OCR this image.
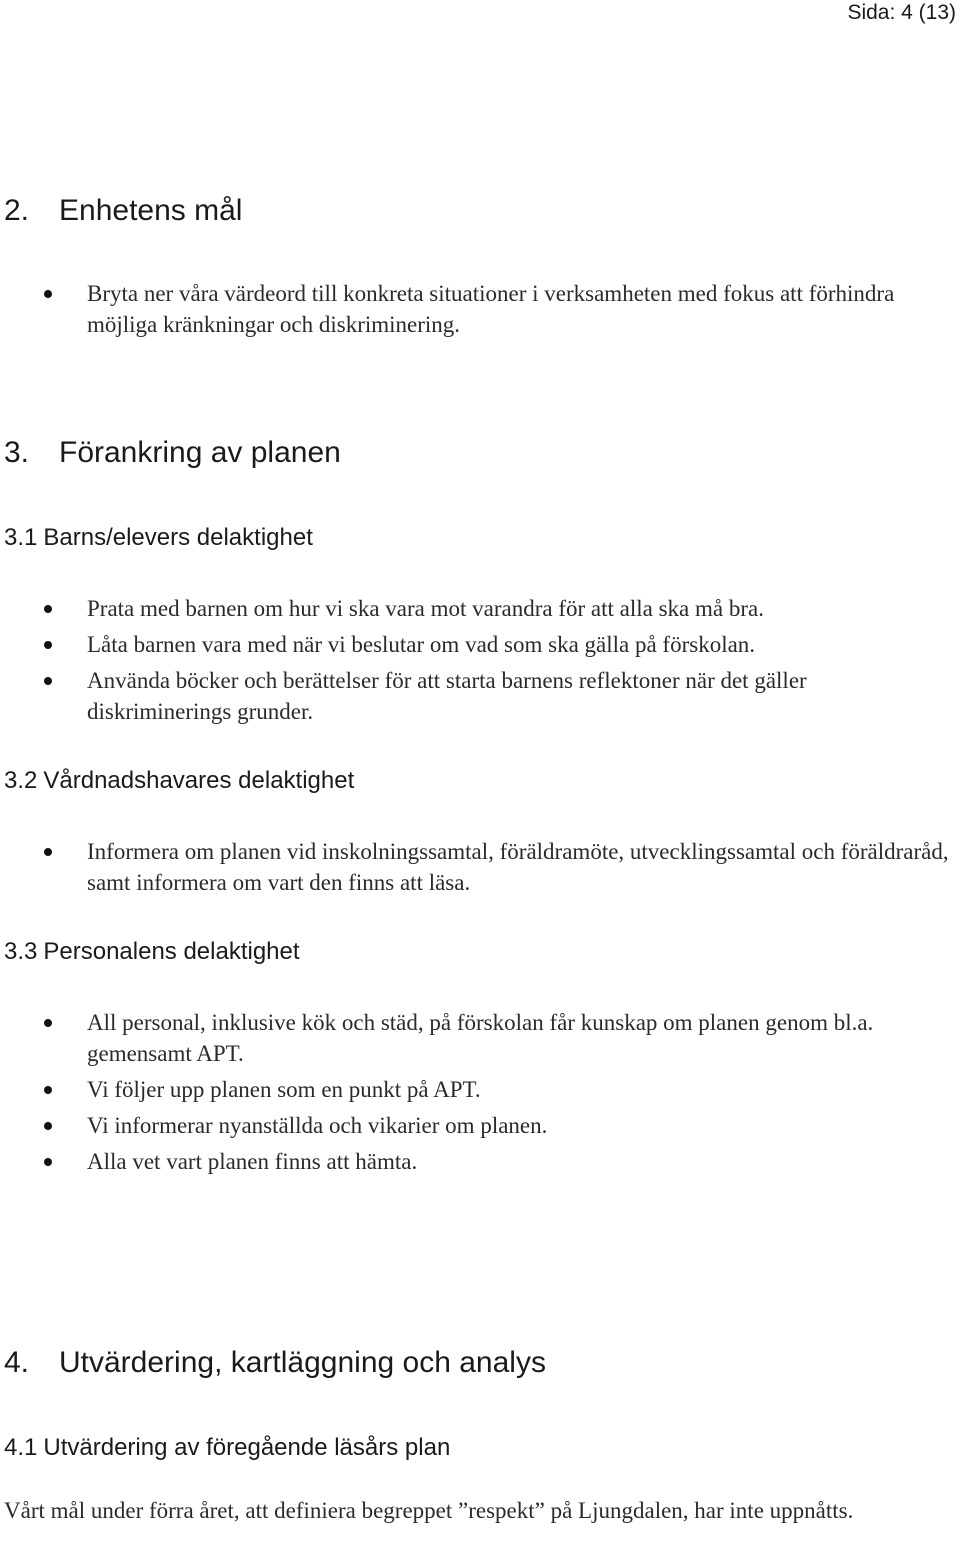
Sida: 4 (13)
2. Enhetens mål
Bryta ner våra värdeord till konkreta situationer i verksamheten med fokus att förhindra möjliga kränkningar och diskriminering.
3. Förankring av planen
3.1 Barns/elevers delaktighet
Prata med barnen om hur vi ska vara mot varandra för att alla ska må bra.
Låta barnen vara med när vi beslutar om vad som ska gälla på förskolan.
Använda böcker och berättelser för att starta barnens reflektoner när det gäller diskriminerings grunder.
3.2 Vårdnadshavares delaktighet
Informera om planen vid inskolningssamtal, föräldramöte, utvecklingssamtal och föräldraråd, samt informera om vart den finns att läsa.
3.3 Personalens delaktighet
All personal, inklusive kök och städ, på förskolan får kunskap om planen genom bl.a. gemensamt APT.
Vi följer upp planen som en punkt på APT.
Vi informerar nyanställda och vikarier om planen.
Alla vet vart planen finns att hämta.
4. Utvärdering, kartläggning och analys
4.1 Utvärdering av föregående läsårs plan

Vårt mål under förra året, att definiera begreppet ”respekt” på Ljungdalen, har inte uppnåtts.
